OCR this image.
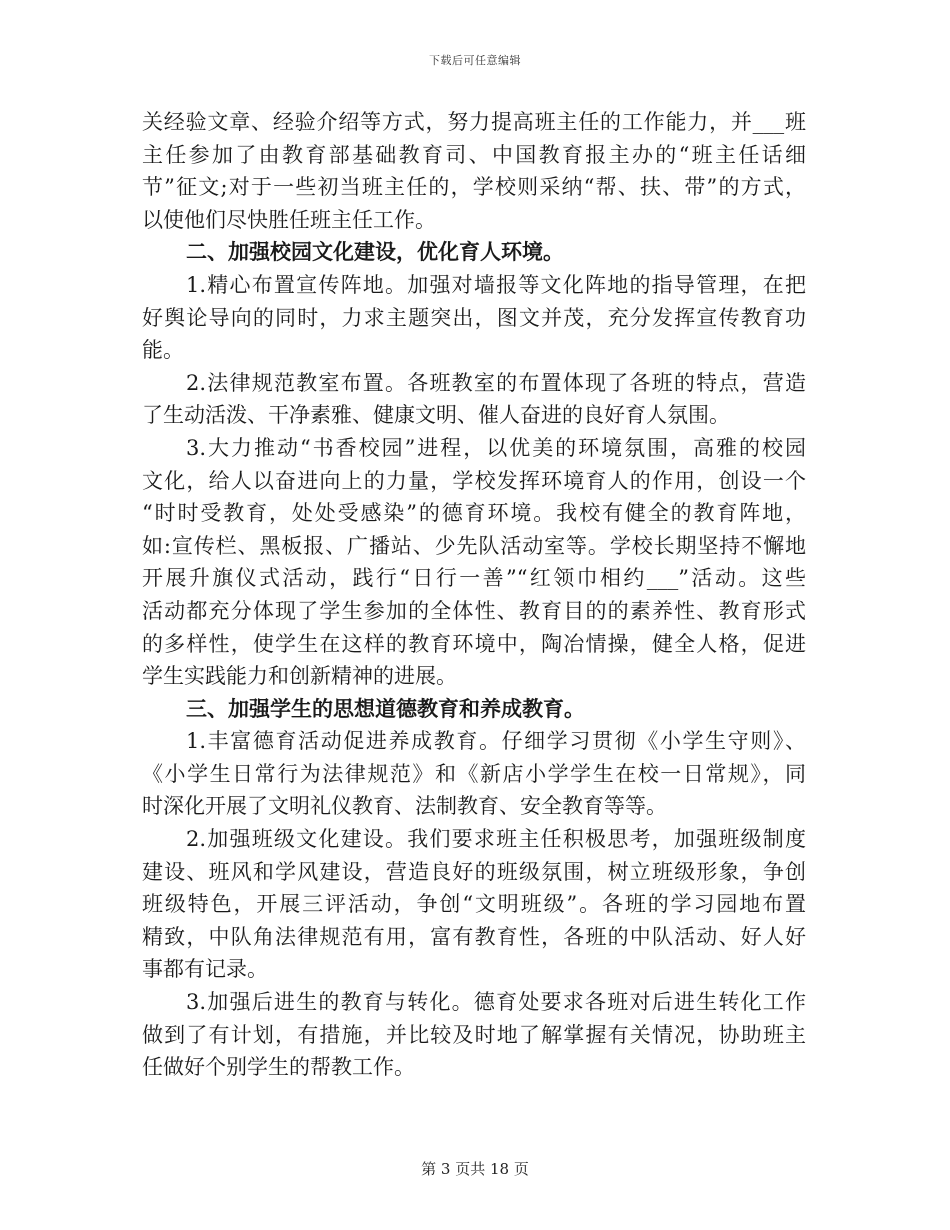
下载后可任意编辑
关经验文章、经验介绍等方式，努力提高班主任的工作能力，并___班
主任参加了由教育部基础教育司、中国教育报主办的“班主任话细
节”征文;对于一些初当班主任的，学校则采纳“帮、扶、带”的方式，
以使他们尽快胜任班主任工作。
二、加强校园文化建设，优化育人环境。
1.精心布置宣传阵地。加强对墙报等文化阵地的指导管理，在把
好舆论导向的同时，力求主题突出，图文并茂，充分发挥宣传教育功
能。
2.法律规范教室布置。各班教室的布置体现了各班的特点，营造
了生动活泼、干净素雅、健康文明、催人奋进的良好育人氛围。
3.大力推动“书香校园”进程，以优美的环境氛围，高雅的校园
文化，给人以奋进向上的力量，学校发挥环境育人的作用，创设一个
“时时受教育，处处受感染”的德育环境。我校有健全的教育阵地，
如:宣传栏、黑板报、广播站、少先队活动室等。学校长期坚持不懈地
开展升旗仪式活动，践行“日行一善”“红领巾相约___”活动。这些
活动都充分体现了学生参加的全体性、教育目的的素养性、教育形式
的多样性，使学生在这样的教育环境中，陶冶情操，健全人格，促进
学生实践能力和创新精神的进展。
三、加强学生的思想道德教育和养成教育。
1.丰富德育活动促进养成教育。仔细学习贯彻《小学生守则》、
《小学生日常行为法律规范》和《新店小学学生在校一日常规》，同
时深化开展了文明礼仪教育、法制教育、安全教育等等。
2.加强班级文化建设。我们要求班主任积极思考，加强班级制度
建设、班风和学风建设，营造良好的班级氛围，树立班级形象，争创
班级特色，开展三评活动，争创“文明班级”。各班的学习园地布置
精致，中队角法律规范有用，富有教育性，各班的中队活动、好人好
事都有记录。
3.加强后进生的教育与转化。德育处要求各班对后进生转化工作
做到了有计划，有措施，并比较及时地了解掌握有关情况，协助班主
任做好个别学生的帮教工作。
第 3 页共 18 页
